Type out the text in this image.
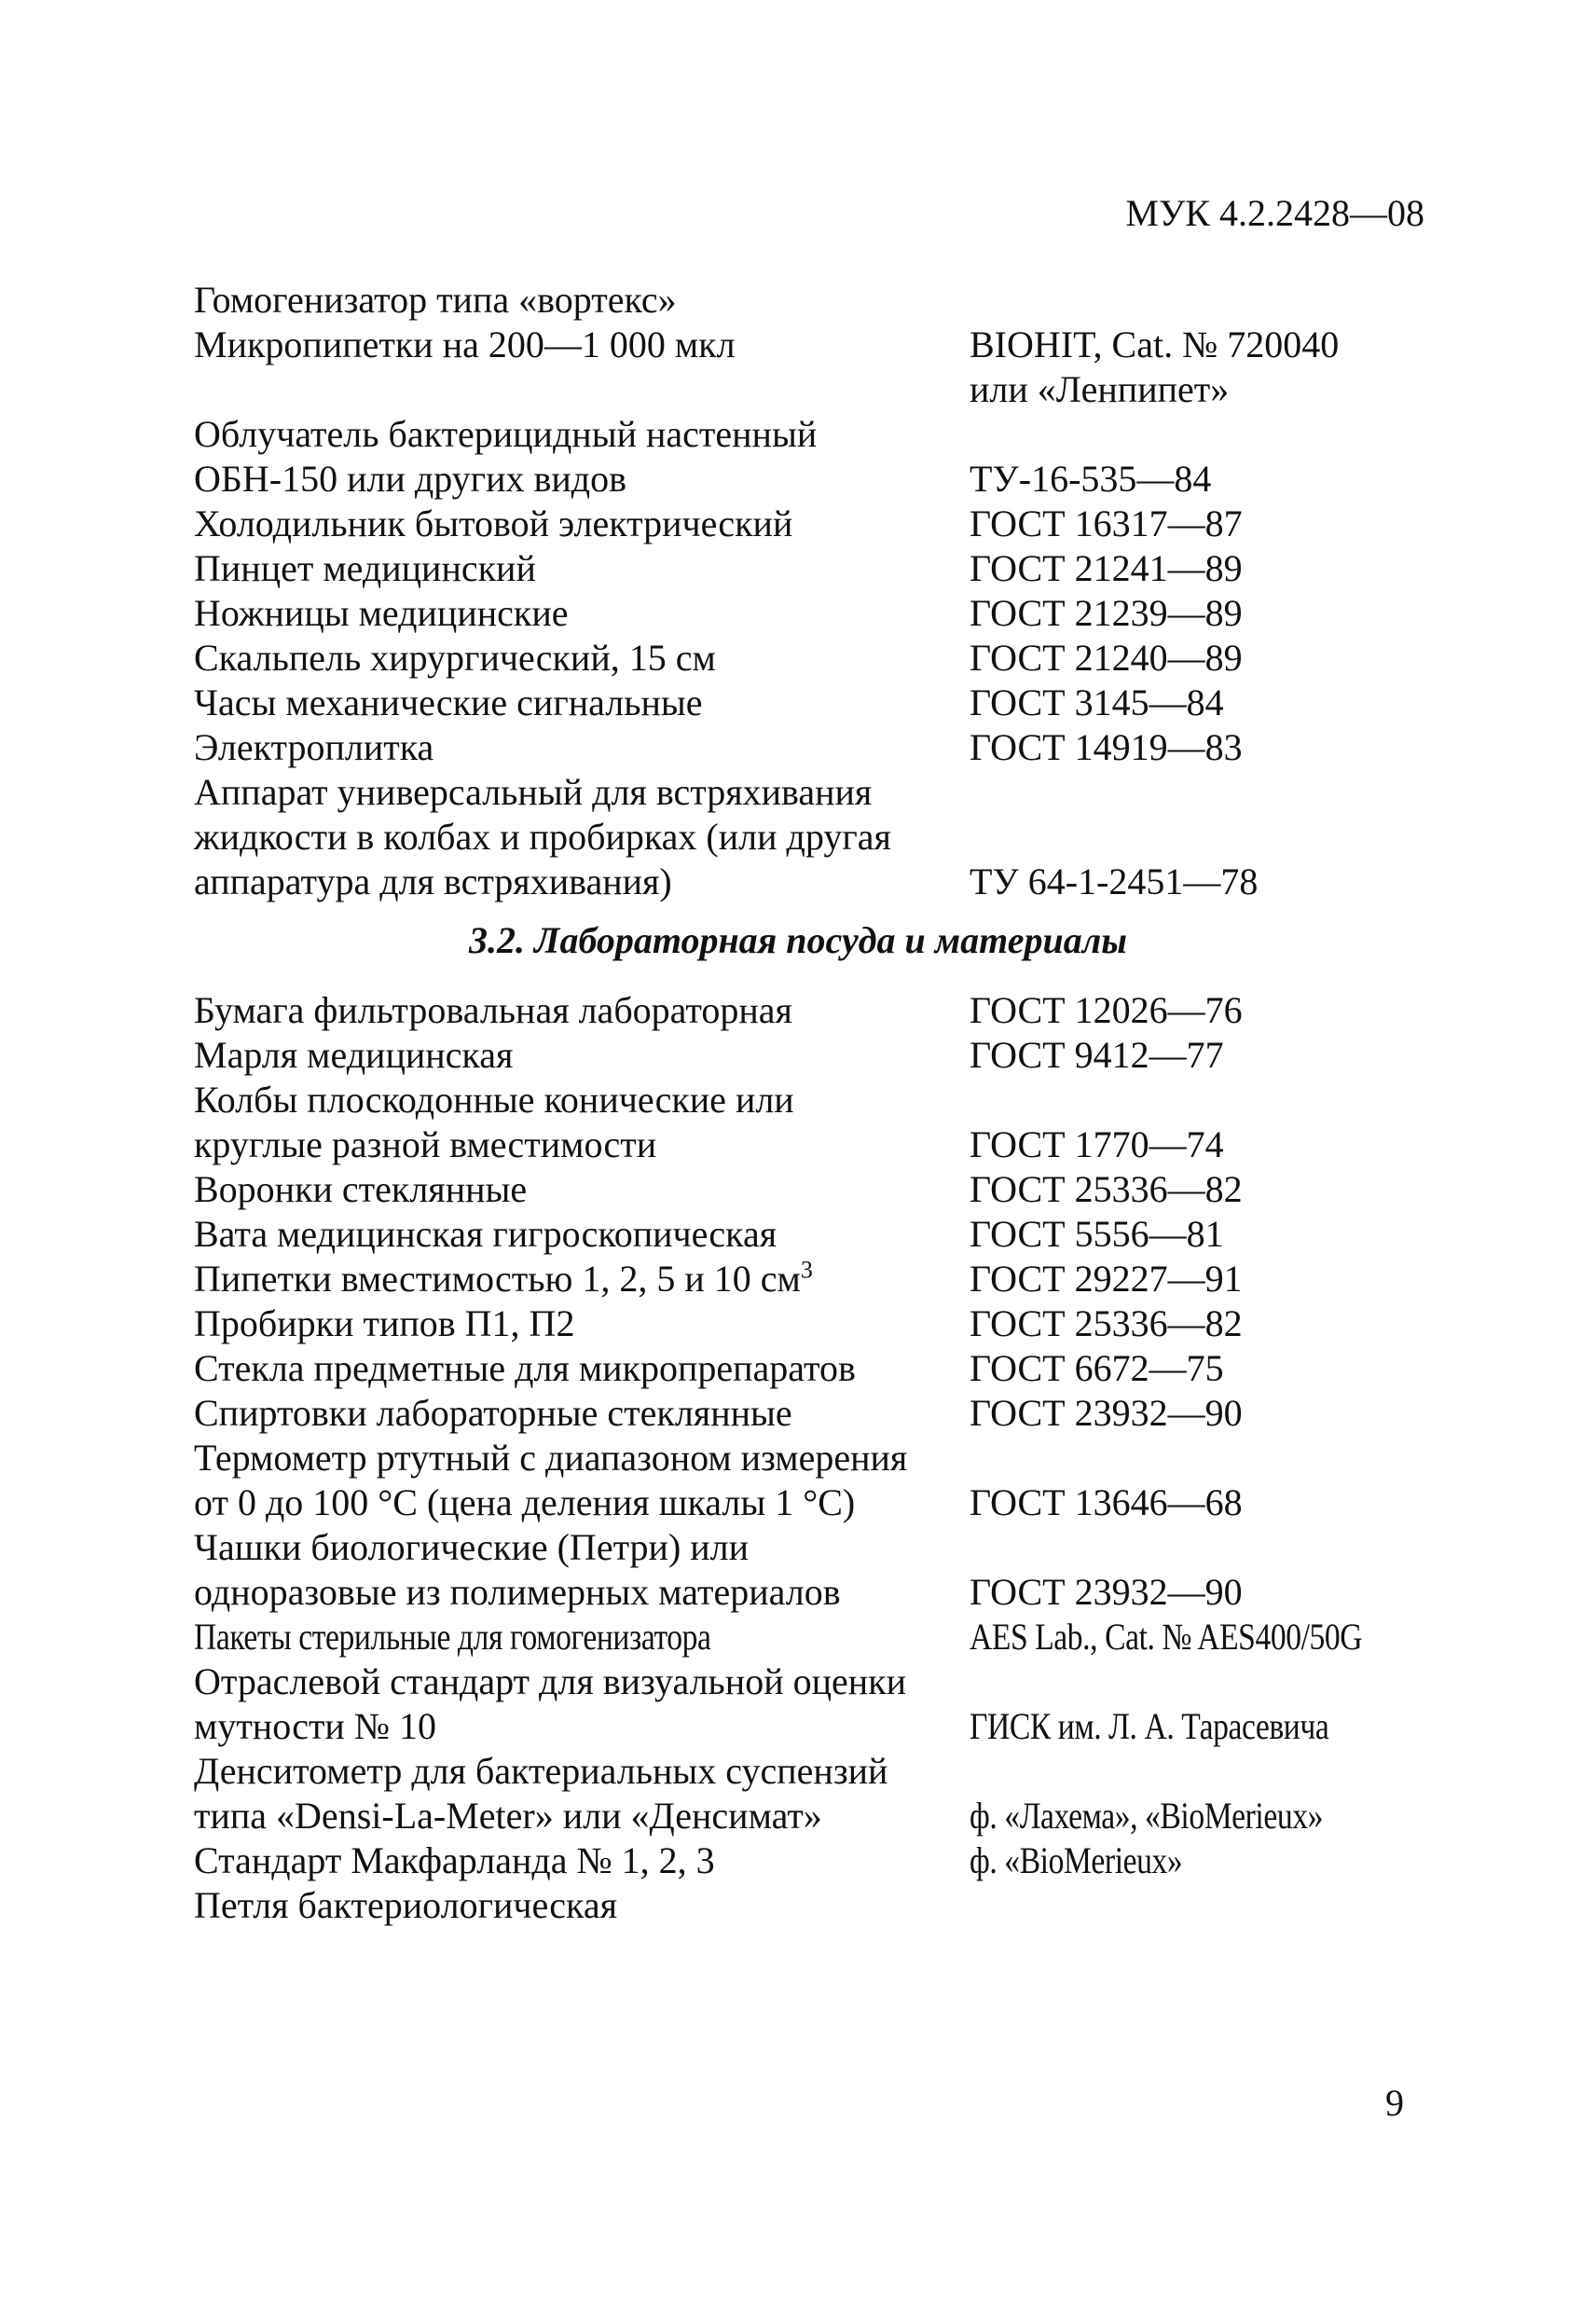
МУК 4.2.2428—08
Гомогенизатор типа «вортекс»
Микропипетки на 200—1 000 мкл
	BIOHIT, Cat. № 720040
или «Ленпипет»
Облучатель бактерицидный настенный
ОБН-150 или других видов	ТУ-16-535—84
Холодильник бытовой электрический	ГОСТ 16317—87
Пинцет медицинский	ГОСТ 21241—89
Ножницы медицинские	ГОСТ 21239—89
Скальпель хирургический, 15 см	ГОСТ 21240—89
Часы механические сигнальные	ГОСТ 3145—84
Электроплитка	ГОСТ 14919—83
Аппарат универсальный для встряхивания
жидкости в колбах и пробирках (или другая
аппаратура для встряхивания)	ТУ 64-1-2451—78
3.2. Лабораторная посуда и материалы
Бумага фильтровальная лабораторная	ГОСТ 12026—76
Марля медицинская	ГОСТ 9412—77
Колбы плоскодонные конические или
круглые разной вместимости	ГОСТ 1770—74
Воронки стеклянные	ГОСТ 25336—82
Вата медицинская гигроскопическая	ГОСТ 5556—81
Пипетки вместимостью 1, 2, 5 и 10 $см^3$	ГОСТ 29227—91
Пробирки типов П1, П2	ГОСТ 25336—82
Стекла предметные для микропрепаратов	ГОСТ 6672—75
Спиртовки лабораторные стеклянные	ГОСТ 23932—90
Термометр ртутный с диапазоном измерения
от 0 до 100 °С (цена деления шкалы 1 °С)	ГОСТ 13646—68
Чашки биологические (Петри) или
одноразовые из полимерных материалов	ГОСТ 23932—90
Пакеты стерильные для гомогенизатора	AES Lab., Cat. № AES400/50G
Отраслевой стандарт для визуальной оценки
мутности № 10	ГИСК им. Л. А. Тарасевича
Денситометр для бактериальных суспензий
типа «Densi-La-Meter» или «Денсимат»	ф. «Лахема», «BioMerieux»
Стандарт Макфарланда № 1, 2, 3	ф. «BioMerieux»
Петля бактериологическая
9
